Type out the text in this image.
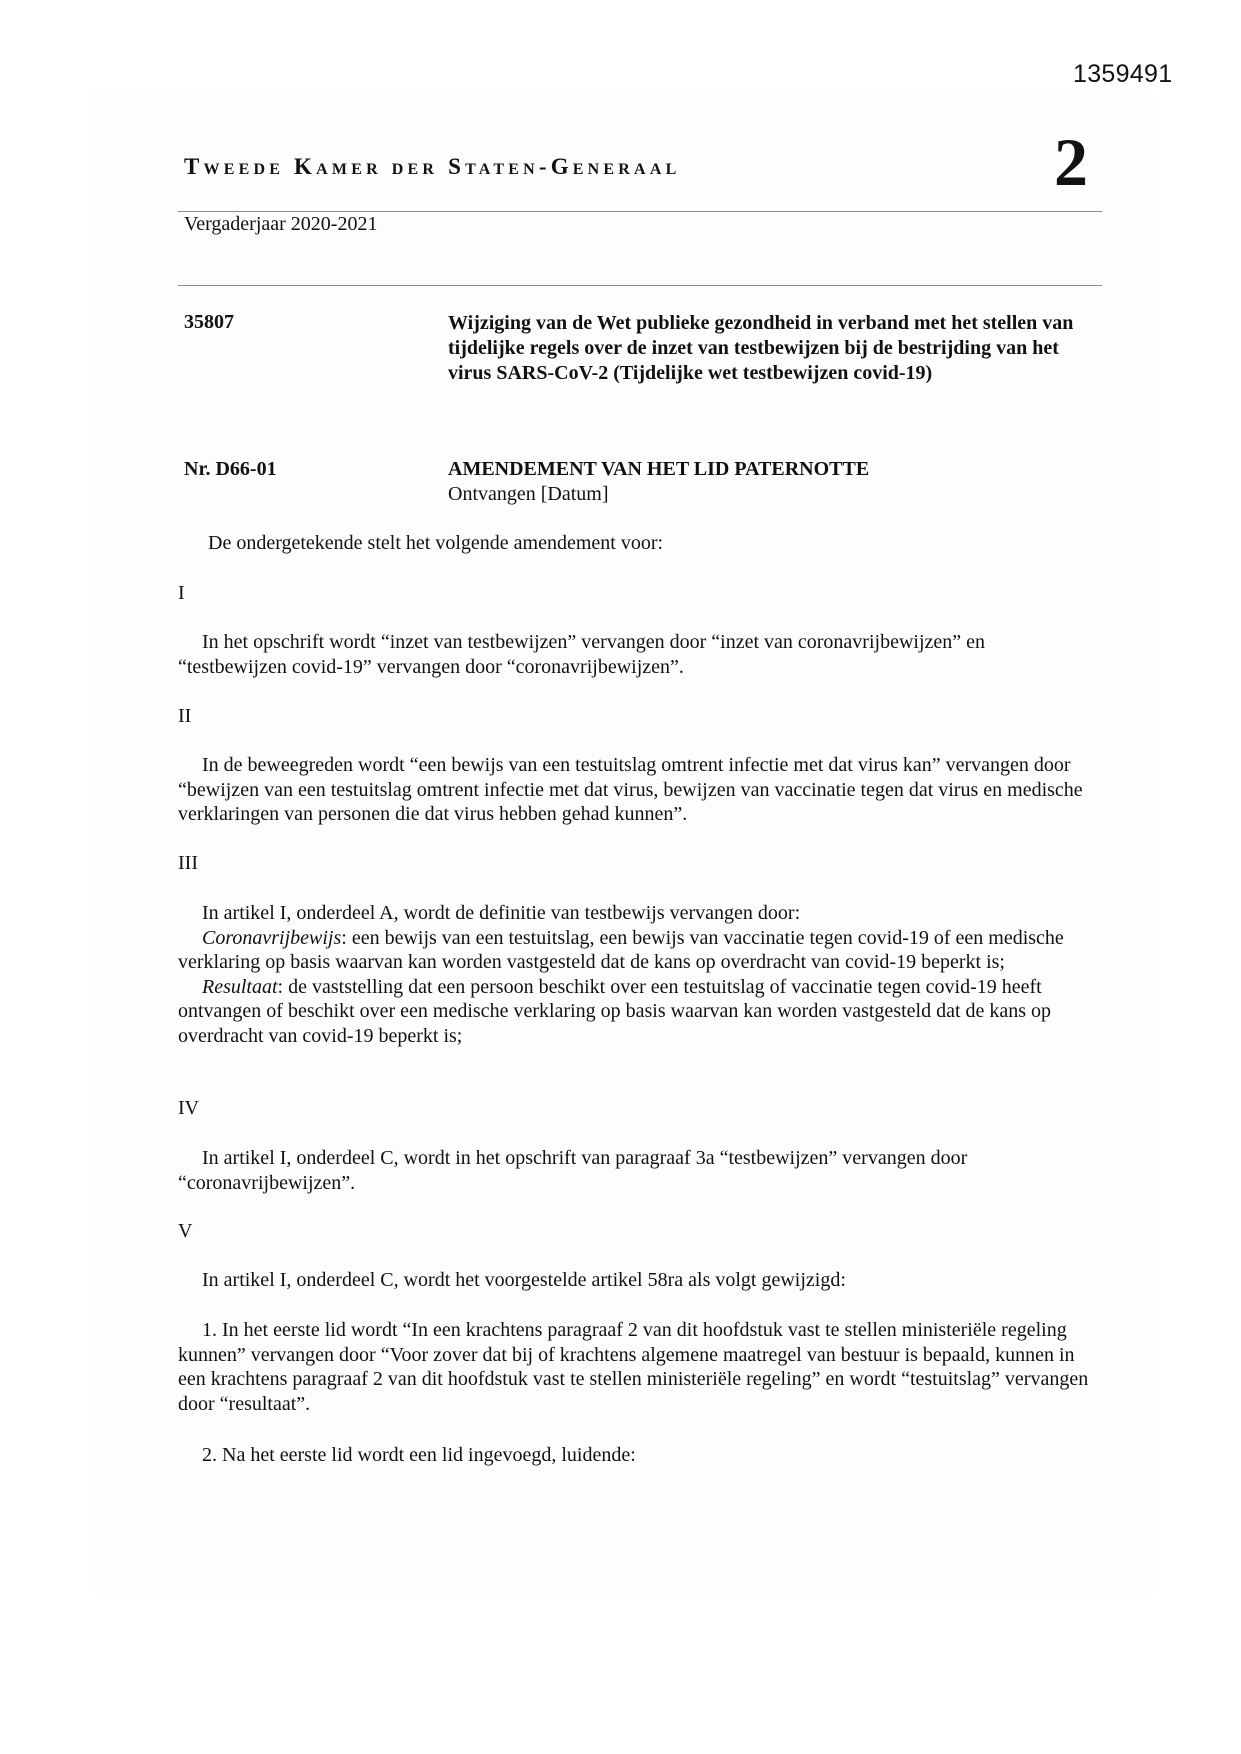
1359491
Tweede Kamer der Staten-Generaal	2
Vergaderjaar 2020-2021
35807	Wijziging van de Wet publieke gezondheid in verband met het stellen van tijdelijke regels over de inzet van testbewijzen bij de bestrijding van het virus SARS-CoV-2 (Tijdelijke wet testbewijzen covid-19)
Nr. D66-01	AMENDEMENT VAN HET LID PATERNOTTE
Ontvangen [Datum]
De ondergetekende stelt het volgende amendement voor:
I

In het opschrift wordt “inzet van testbewijzen” vervangen door “inzet van coronavrijbewijzen” en “testbewijzen covid-19” vervangen door “coronavrijbewijzen”.

II

In de beweegreden wordt “een bewijs van een testuitslag omtrent infectie met dat virus kan” vervangen door “bewijzen van een testuitslag omtrent infectie met dat virus, bewijzen van vaccinatie tegen dat virus en medische verklaringen van personen die dat virus hebben gehad kunnen”.

III

In artikel I, onderdeel A, wordt de definitie van testbewijs vervangen door:

Coronavrijbewijs: een bewijs van een testuitslag, een bewijs van vaccinatie tegen covid-19 of een medische verklaring op basis waarvan kan worden vastgesteld dat de kans op overdracht van covid-19 beperkt is;

Resultaat: de vaststelling dat een persoon beschikt over een testuitslag of vaccinatie tegen covid-19 heeft ontvangen of beschikt over een medische verklaring op basis waarvan kan worden vastgesteld dat de kans op overdracht van covid-19 beperkt is;

IV

In artikel I, onderdeel C, wordt in het opschrift van paragraaf 3a “testbewijzen” vervangen door “coronavrijbewijzen”.

V

In artikel I, onderdeel C, wordt het voorgestelde artikel 58ra als volgt gewijzigd:

1. In het eerste lid wordt “In een krachtens paragraaf 2 van dit hoofdstuk vast te stellen ministeriële regeling kunnen” vervangen door “Voor zover dat bij of krachtens algemene maatregel van bestuur is bepaald, kunnen in een krachtens paragraaf 2 van dit hoofdstuk vast te stellen ministeriële regeling” en wordt “testuitslag” vervangen door “resultaat”.

2. Na het eerste lid wordt een lid ingevoegd, luidende:
